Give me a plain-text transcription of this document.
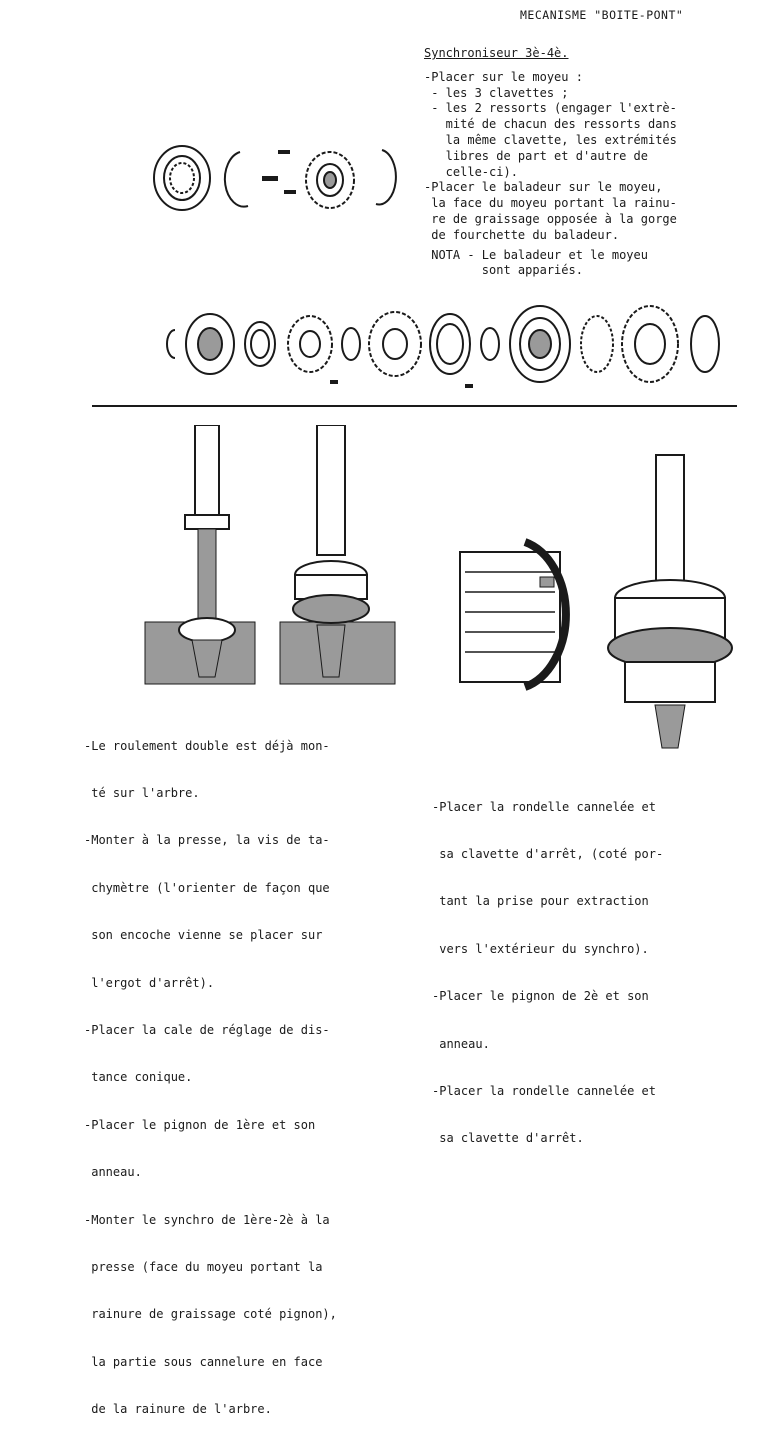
MECANISME "BOITE-PONT"
Synchroniseur 3è-4è.
-Placer sur le moyeu :
- les 3 clavettes ;
- les 2 ressorts (engager l'extrè-
mité de chacun des ressorts dans
la même clavette, les extrémités
libres de part et d'autre de
celle-ci).
-Placer le baladeur sur le moyeu,
la face du moyeu portant la rainu-
re de graissage opposée à la gorge
de fourchette du baladeur.
NOTA - Le baladeur et le moyeu
sont appariés.

-Le roulement double est déjà mon-

té sur l'arbre.

-Monter à la presse, la vis de ta-

chymètre (l'orienter de façon que

son encoche vienne se placer sur

l'ergot d'arrêt).

-Placer la cale de réglage de dis-

tance conique.

-Placer le pignon de 1ère et son

anneau.

-Monter le synchro de 1ère-2è à la

presse (face du moyeu portant la

rainure de graissage coté pignon),

la partie sous cannelure en face

de la rainure de l'arbre.

-Placer la rondelle cannelée et

sa clavette d'arrêt, (coté por-

tant la prise pour extraction

vers l'extérieur du synchro).

-Placer le pignon de 2è et son

anneau.

-Placer la rondelle cannelée et

sa clavette d'arrêt.
